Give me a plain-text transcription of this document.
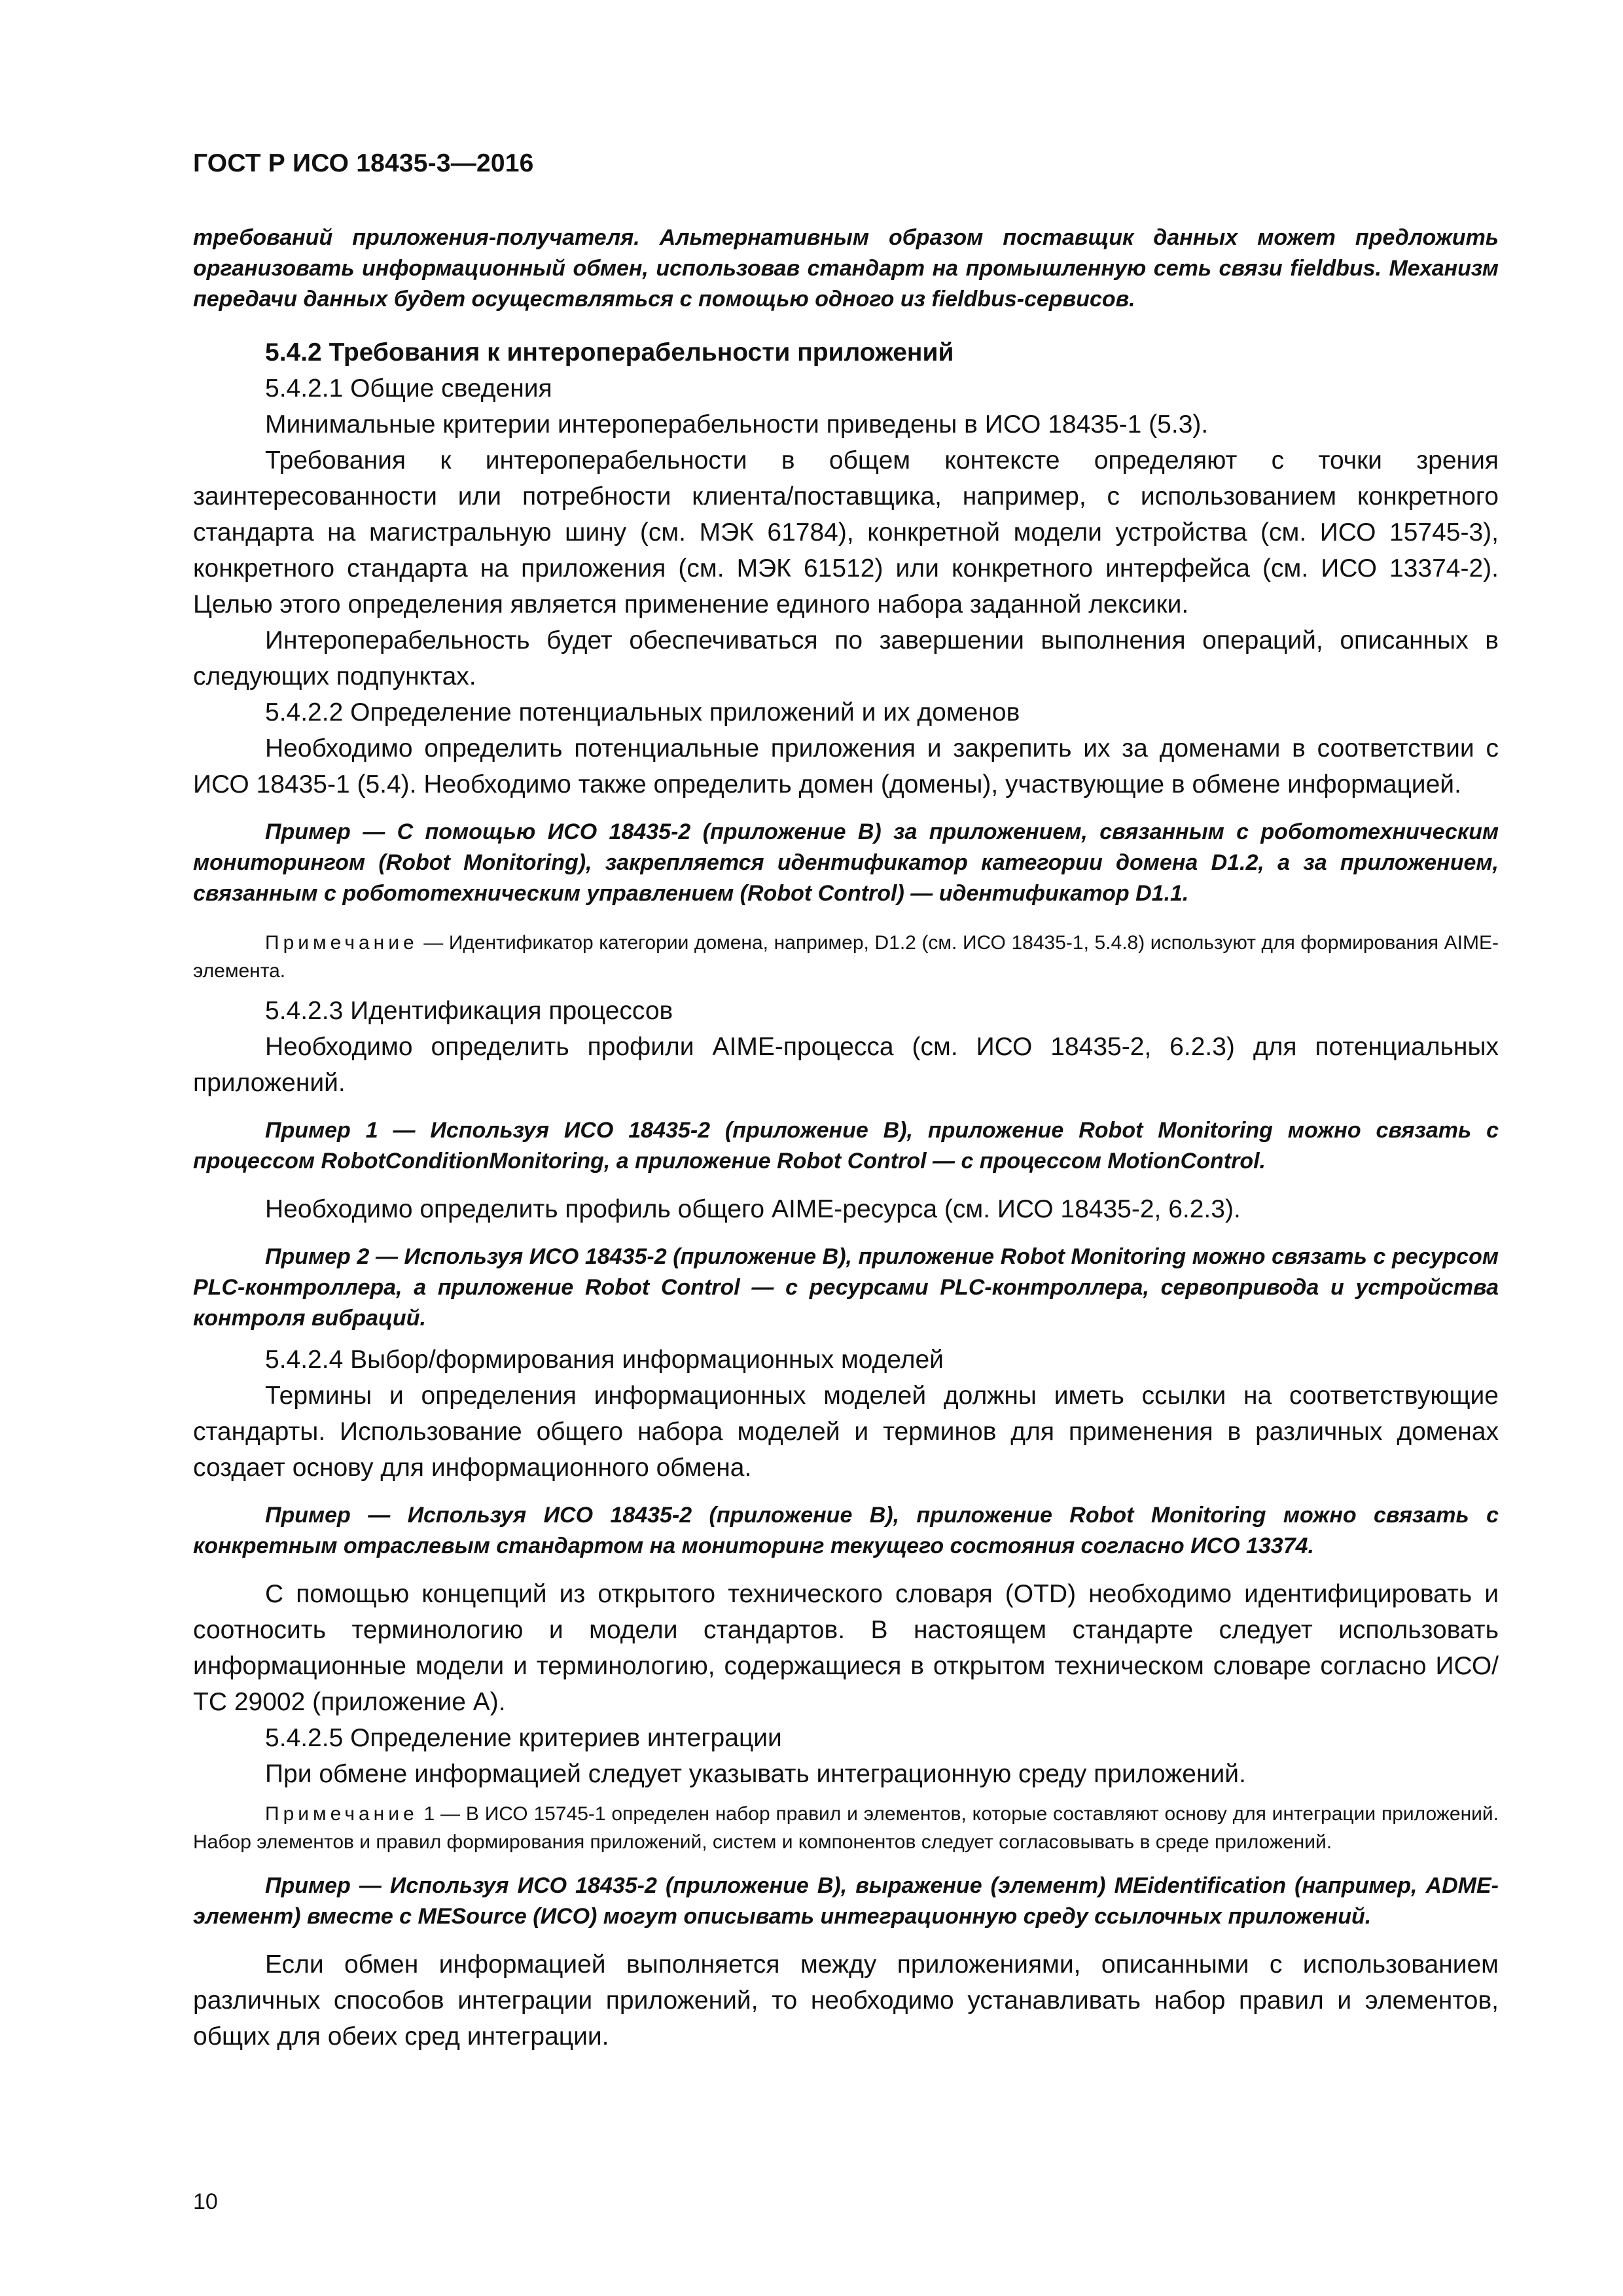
ГОСТ Р ИСО 18435-3—2016

требований приложения-получателя. Альтернативным образом поставщик данных может предложить организовать информационный обмен, использовав стандарт на промышленную сеть связи fieldbus. Механизм передачи данных будет осуществляться с помощью одного из fieldbus-сервисов.

5.4.2 Требования к интероперабельности приложений

5.4.2.1 Общие сведения

Минимальные критерии интероперабельности приведены в ИСО 18435-1 (5.3).

Требования к интероперабельности в общем контексте определяют с точки зрения заинтересованности или потребности клиента/поставщика, например, с использованием конкретного стандарта на магистральную шину (см. МЭК 61784), конкретной модели устройства (см. ИСО 15745-3), конкретного стандарта на приложения (см. МЭК 61512) или конкретного интерфейса (см. ИСО 13374-2). Целью этого определения является применение единого набора заданной лексики.

Интероперабельность будет обеспечиваться по завершении выполнения операций, описанных в следующих подпунктах.

5.4.2.2 Определение потенциальных приложений и их доменов

Необходимо определить потенциальные приложения и закрепить их за доменами в соответствии с ИСО 18435-1 (5.4). Необходимо также определить домен (домены), участвующие в обмене информацией.

Пример — С помощью ИСО 18435-2 (приложение В) за приложением, связанным с робототехническим мониторингом (Robot Monitoring), закрепляется идентификатор категории домена D1.2, а за приложением, связанным с робототехническим управлением (Robot Control) — идентификатор D1.1.

Примечание — Идентификатор категории домена, например, D1.2 (см. ИСО 18435-1, 5.4.8) используют для формирования AIME-элемента.

5.4.2.3 Идентификация процессов

Необходимо определить профили AIME-процесса (см. ИСО 18435-2, 6.2.3) для потенциальных приложений.

Пример 1 — Используя ИСО 18435-2 (приложение В), приложение Robot Monitoring можно связать с процессом RobotConditionMonitoring, а приложение Robot Control — с процессом MotionControl.

Необходимо определить профиль общего AIME-ресурса (см. ИСО 18435-2, 6.2.3).

Пример 2 — Используя ИСО 18435-2 (приложение В), приложение Robot Monitoring можно связать с ресурсом PLC-контроллера, а приложение Robot Control — с ресурсами PLC-контроллера, сервопривода и устройства контроля вибраций.

5.4.2.4 Выбор/формирования информационных моделей

Термины и определения информационных моделей должны иметь ссылки на соответствующие стандарты. Использование общего набора моделей и терминов для применения в различных доменах создает основу для информационного обмена.

Пример — Используя ИСО 18435-2 (приложение В), приложение Robot Monitoring можно связать с конкретным отраслевым стандартом на мониторинг текущего состояния согласно ИСО 13374.

С помощью концепций из открытого технического словаря (OTD) необходимо идентифицировать и соотносить терминологию и модели стандартов. В настоящем стандарте следует использовать информационные модели и терминологию, содержащиеся в открытом техническом словаре согласно ИСО/ТС 29002 (приложение А).

5.4.2.5 Определение критериев интеграции

При обмене информацией следует указывать интеграционную среду приложений.

Примечание 1 — В ИСО 15745-1 определен набор правил и элементов, которые составляют основу для интеграции приложений. Набор элементов и правил формирования приложений, систем и компонентов следует согласовывать в среде приложений.

Пример — Используя ИСО 18435-2 (приложение В), выражение (элемент) MEidentification (например, ADME-элемент) вместе с MESource (ИСО) могут описывать интеграционную среду ссылочных приложений.

Если обмен информацией выполняется между приложениями, описанными с использованием различных способов интеграции приложений, то необходимо устанавливать набор правил и элементов, общих для обеих сред интеграции.

10
